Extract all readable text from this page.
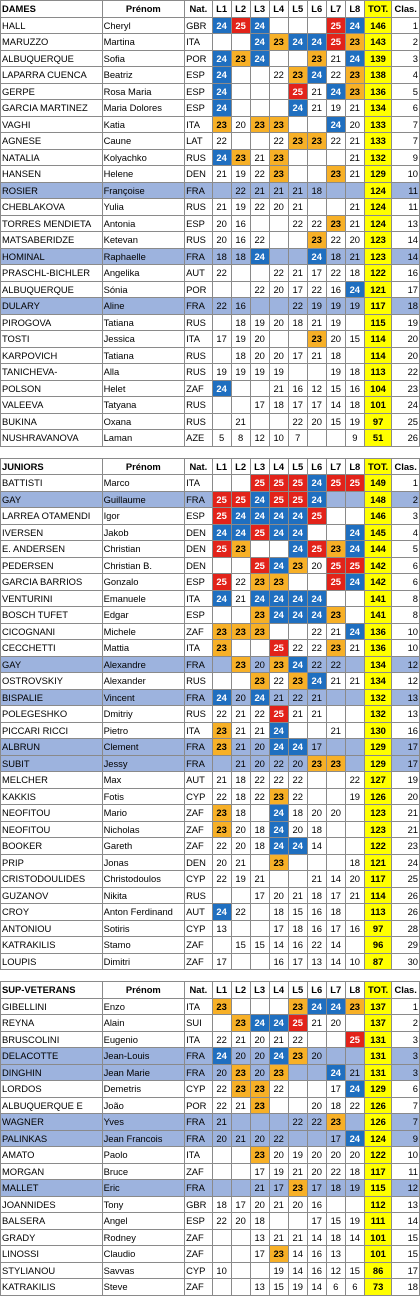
DAMES	Prénom	Nat.	L1	L2	L3	L4	L5	L6	L7	L8	TOT.	Clas.
HALL	Cheryl	GBR	24	25	24				25	24	146	1
MARUZZO	Martina	ITA			24	23	24	24	25	23	143	2
ALBUQUERQUE	Sofia	POR	24	23	24			23	21	24	139	3
LAPARRA CUENCA	Beatriz	ESP	24			22	23	24	22	23	138	4
GERPE	Rosa Maria	ESP	24				25	21	24	23	136	5
GARCIA MARTINEZ	Maria Dolores	ESP	24				24	21	19	21	134	6
VAGHI	Katia	ITA	23	20	23	23			24	20	133	7
AGNESE	Caune	LAT	22			22	23	23	22	21	133	7
NATALIA	Kolyachko	RUS	24	23	21	23				21	132	9
HANSEN	Helene	DEN	21	19	22	23			23	21	129	10
ROSIER	Françoise	FRA		22	21	21	21	18			124	11
CHEBLAKOVA	Yulia	RUS	21	19	22	20	21			21	124	11
TORRES MENDIETA	Antonia	ESP	20	16			22	22	23	21	124	13
MATSABERIDZE	Ketevan	RUS	20	16	22			23	22	20	123	14
HOMINAL	Raphaelle	FRA	18	18	24			24	18	21	123	14
PRASCHL-BICHLER	Angelika	AUT	22			22	21	17	22	18	122	16
ALBUQUERQUE	Sónia	POR			22	20	17	22	16	24	121	17
DULARY	Aline	FRA	22	16			22	19	19	19	117	18
PIROGOVA	Tatiana	RUS		18	19	20	18	21	19		115	19
TOSTI	Jessica	ITA	17	19	20			23	20	15	114	20
KARPOVICH	Tatiana	RUS		18	20	20	17	21	18		114	20
TANICHEVA-	Alla	RUS	19	19	19	19			19	18	113	22
POLSON	Helet	ZAF	24			21	16	12	15	16	104	23
VALEEVA	Tatyana	RUS			17	18	17	17	14	18	101	24
BUKINA	Oxana	RUS		21			22	20	15	19	97	25
NUSHRAVANOVA	Laman	AZE	5	8	12	10	7			9	51	26
JUNIORS	Prénom	Nat.	L1	L2	L3	L4	L5	L6	L7	L8	TOT.	Clas.
BATTISTI	Marco	ITA			25	25	25	24	25	25	149	1
GAY	Guillaume	FRA	25	25	24	25	25	24			148	2
LARREA OTAMENDI	Igor	ESP	25	24	24	24	24	25			146	3
IVERSEN	Jakob	DEN	24	24	25	24	24			24	145	4
E. ANDERSEN	Christian	DEN	25	23			24	25	23	24	144	5
PEDERSEN	Christian B.	DEN			25	24	23	20	25	25	142	6
GARCIA BARRIOS	Gonzalo	ESP	25	22	23	23			25	24	142	6
VENTURINI	Emanuele	ITA	24	21	24	24	24	24			141	8
BOSCH TUFET	Edgar	ESP			23	24	24	24	23		141	8
CICOGNANI	Michele	ZAF	23	23	23			22	21	24	136	10
CECCHETTI	Mattia	ITA	23			25	22	22	23	21	136	10
GAY	Alexandre	FRA		23	20	23	24	22	22		134	12
OSTROVSKIY	Alexander	RUS			23	22	23	24	21	21	134	12
BISPALIE	Vincent	FRA	24	20	24	21	22	21			132	13
POLEGESHKO	Dmitriy	RUS	22	21	22	25	21	21			132	13
PICCARI RICCI	Pietro	ITA	23	21	21	24			21		130	16
ALBRUN	Clement	FRA	23	21	20	24	24	17			129	17
SUBIT	Jessy	FRA		21	20	22	20	23	23		129	17
MELCHER	Max	AUT	21	18	22	22	22			22	127	19
KAKKIS	Fotis	CYP	22	18	22	23	22			19	126	20
NEOFITOU	Mario	ZAF	23	18		24	18	20	20		123	21
NEOFITOU	Nicholas	ZAF	23	20	18	24	20	18			123	21
BOOKER	Gareth	ZAF	22	20	18	24	24	14			122	23
PRIP	Jonas	DEN	20	21		23				18	121	24
CRISTODOULIDES	Christodoulos	CYP	22	19	21			21	14	20	117	25
GUZANOV	Nikita	RUS			17	20	21	18	17	21	114	26
CROY	Anton Ferdinand	AUT	24	22		18	15	16	18		113	26
ANTONIOU	Sotiris	CYP	13			17	18	16	17	16	97	28
KATRAKILIS	Stamo	ZAF		15	15	14	16	22	14		96	29
LOUPIS	Dimitri	ZAF	17			16	17	13	14	10	87	30
SUP-VETERANS	Prénom	Nat.	L1	L2	L3	L4	L5	L6	L7	L8	TOT.	Clas.
GIBELLINI	Enzo	ITA	23				23	24	24	23	137	1
REYNA	Alain	SUI		23	24	24	25	21	20		137	2
BRUSCOLINI	Eugenio	ITA	22	21	20	21	22			25	131	3
DELACOTTE	Jean-Louis	FRA	24	20	20	24	23	20			131	3
DINGHIN	Jean Marie	FRA	20	23	20	23			24	21	131	3
LORDOS	Demetris	CYP	22	23	23	22			17	24	129	6
ALBUQUERQUE E	João	POR	22	21	23			20	18	22	126	7
WAGNER	Yves	FRA	21				22	22	23		126	7
PALINKAS	Jean Francois	FRA	20	21	20	22			17	24	124	9
AMATO	Paolo	ITA			23	20	19	20	20	20	122	10
MORGAN	Bruce	ZAF			17	19	21	20	22	18	117	11
MALLET	Eric	FRA			21	17	23	17	18	19	115	12
JOANNIDES	Tony	GBR	18	17	20	21	20	16			112	13
BALSERA	Angel	ESP	22	20	18			17	15	19	111	14
GRADY	Rodney	ZAF			13	21	21	14	18	14	101	15
LINOSSI	Claudio	ZAF			17	23	14	16	13		101	15
STYLIANOU	Savvas	CYP	10			19	14	16	12	15	86	17
KATRAKILIS	Steve	ZAF			13	15	19	14	6	6	73	18
